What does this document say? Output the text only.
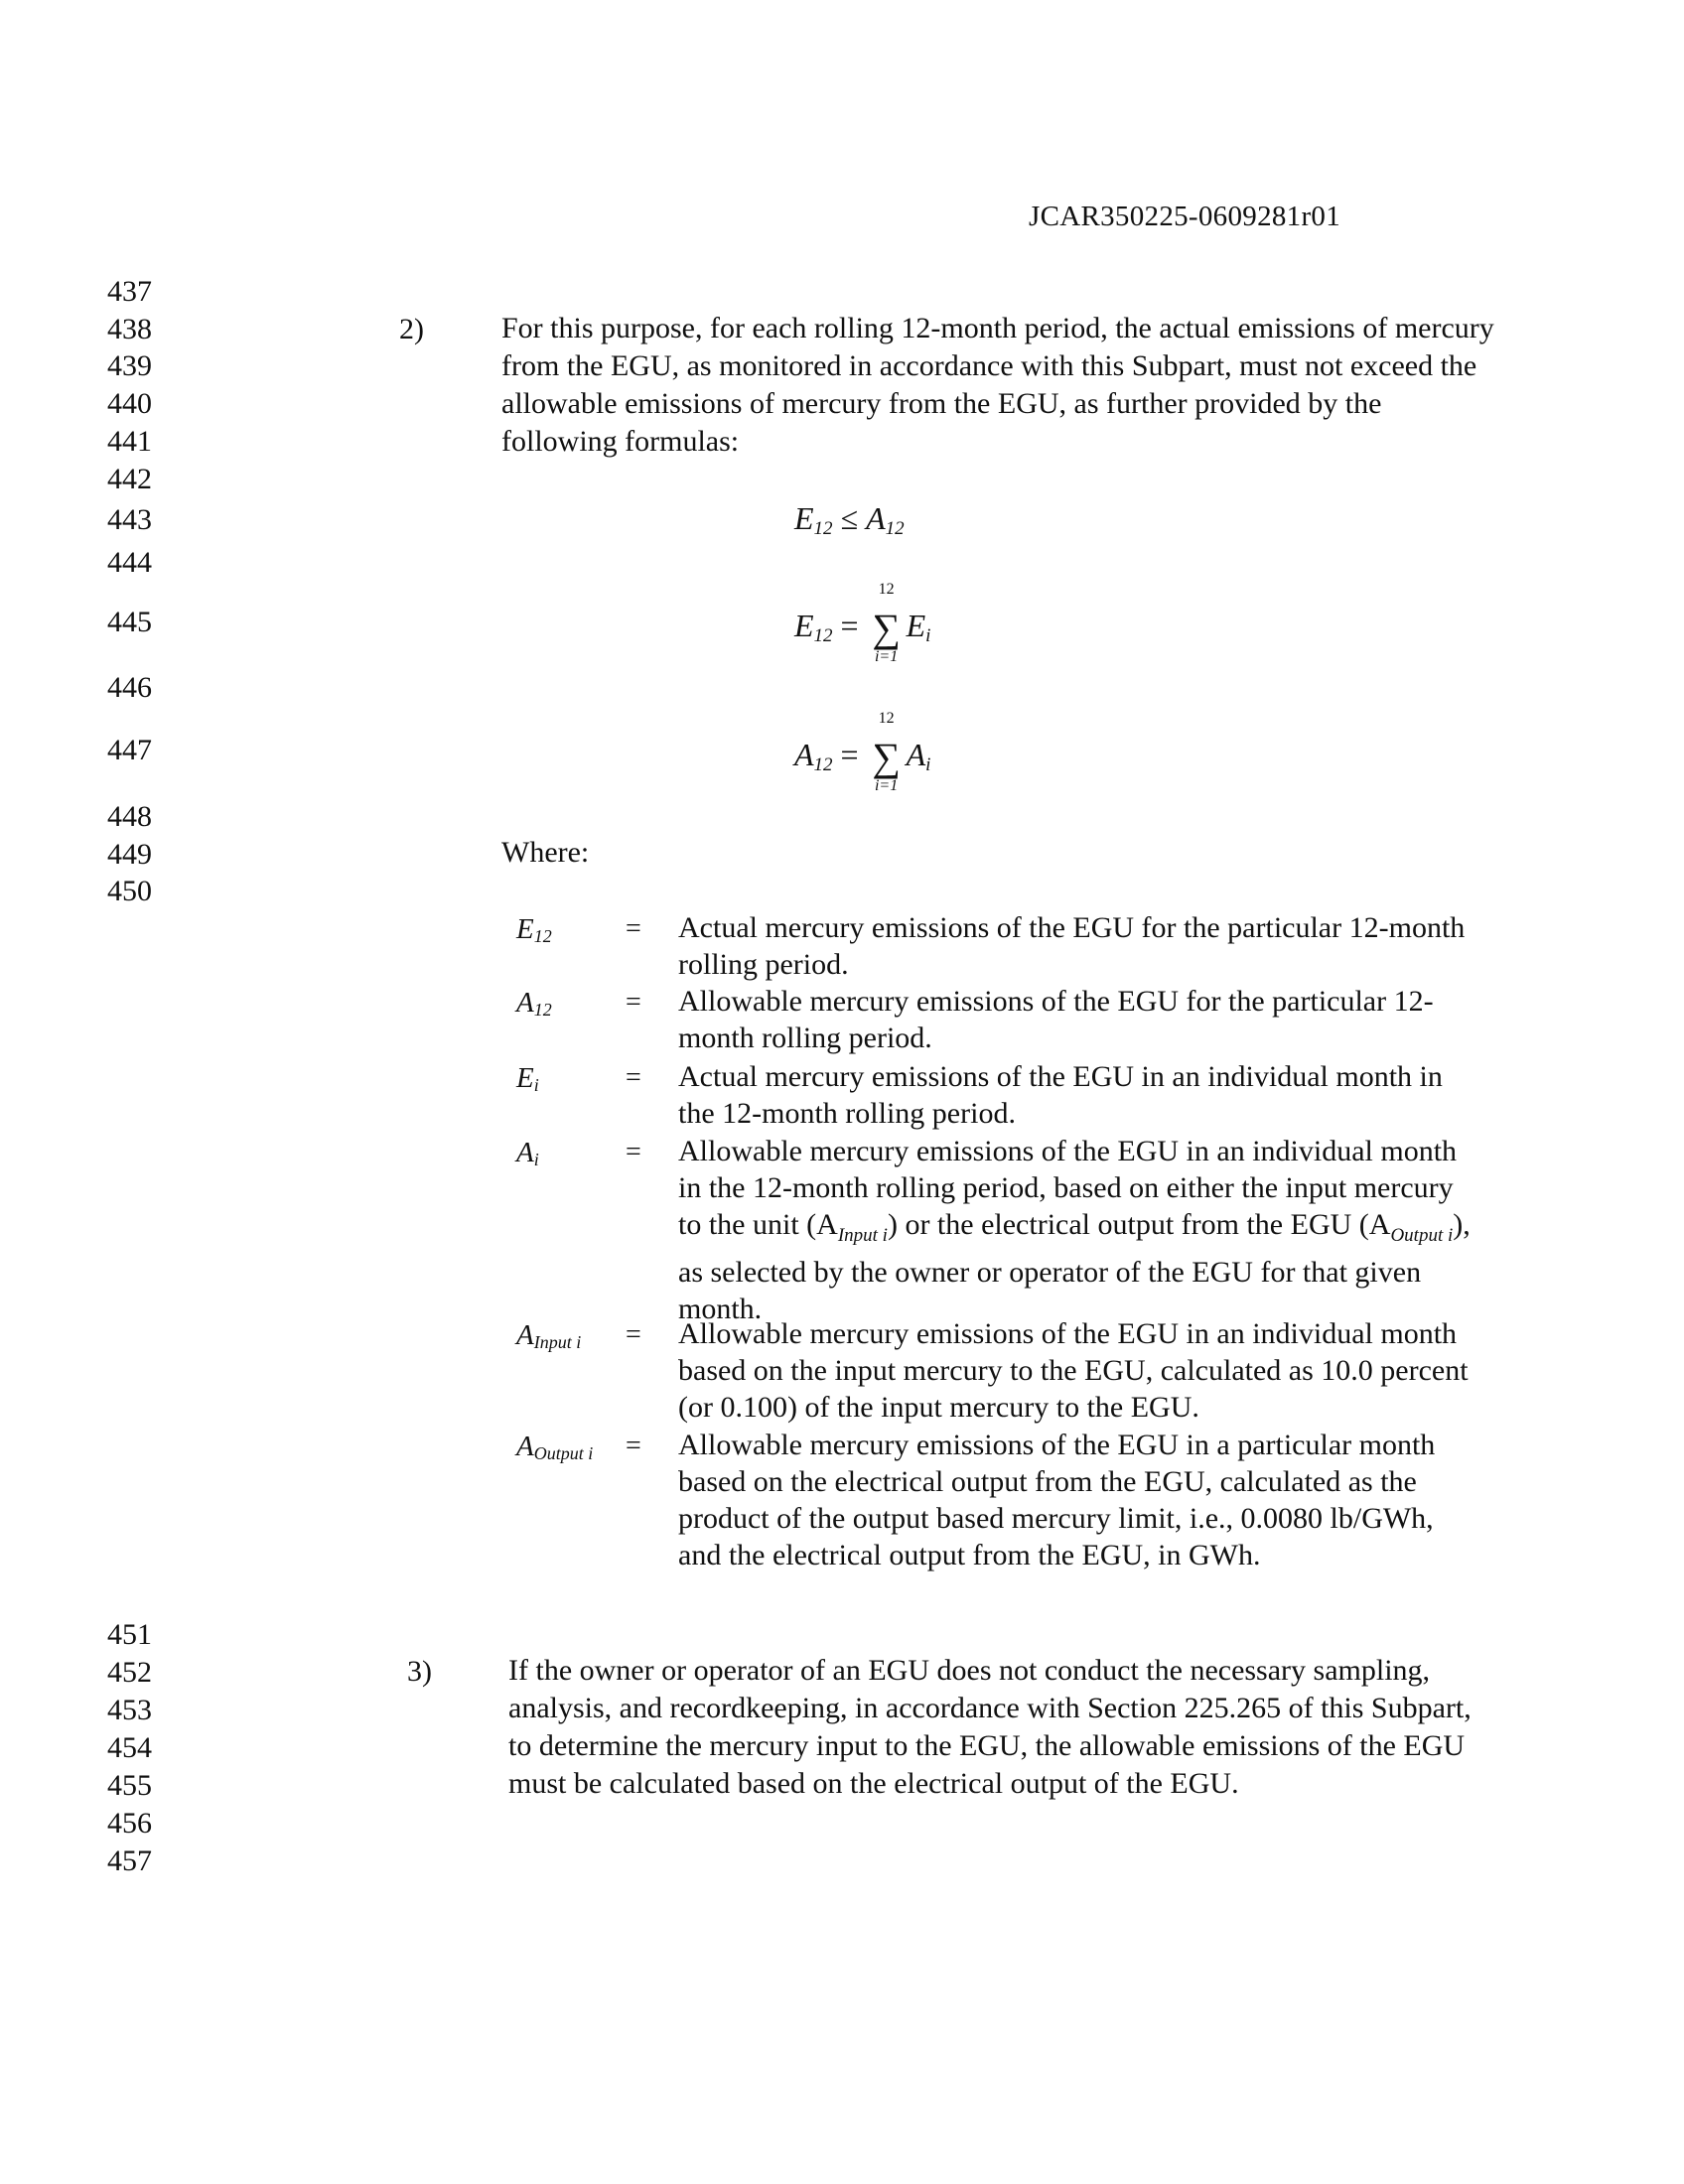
JCAR350225-0609281r01
437
438
439
440
441
442
443
444
445
446
447
448
449
450
451
452
453
454
455
456
457
2)	For this purpose, for each rolling 12-month period, the actual emissions of mercury from the EGU, as monitored in accordance with this Subpart, must not exceed the allowable emissions of mercury from the EGU, as further provided by the following formulas:
$E_{12} \le A_{12}$
$E_{12}$ =
12
∑
i=1
$E_i$
$A_{12}$ =
12
∑
i=1
$A_i$
Where:
$E_{12}$	= Actual mercury emissions of the EGU for the particular 12-month rolling period.
$A_{12}$	= Allowable mercury emissions of the EGU for the particular 12-month rolling period.
$E_i$	= Actual mercury emissions of the EGU in an individual month in the 12-month rolling period.
$A_i$	= Allowable mercury emissions of the EGU in an individual month in the 12-month rolling period, based on either the input mercury to the unit $(A_{Input i})$ or the electrical output from the EGU $(A_{Output i})$, as selected by the owner or operator of the EGU for that given month.
$A_{Input i}$ = Allowable mercury emissions of the EGU in an individual month based on the input mercury to the EGU, calculated as 10.0 percent (or 0.100) of the input mercury to the EGU.
$A_{Output i}$ = Allowable mercury emissions of the EGU in a particular month based on the electrical output from the EGU, calculated as the product of the output based mercury limit, i.e., 0.0080 lb/GWh, and the electrical output from the EGU, in GWh.
3)	If the owner or operator of an EGU does not conduct the necessary sampling, analysis, and recordkeeping, in accordance with Section 225.265 of this Subpart, to determine the mercury input to the EGU, the allowable emissions of the EGU must be calculated based on the electrical output of the EGU.
